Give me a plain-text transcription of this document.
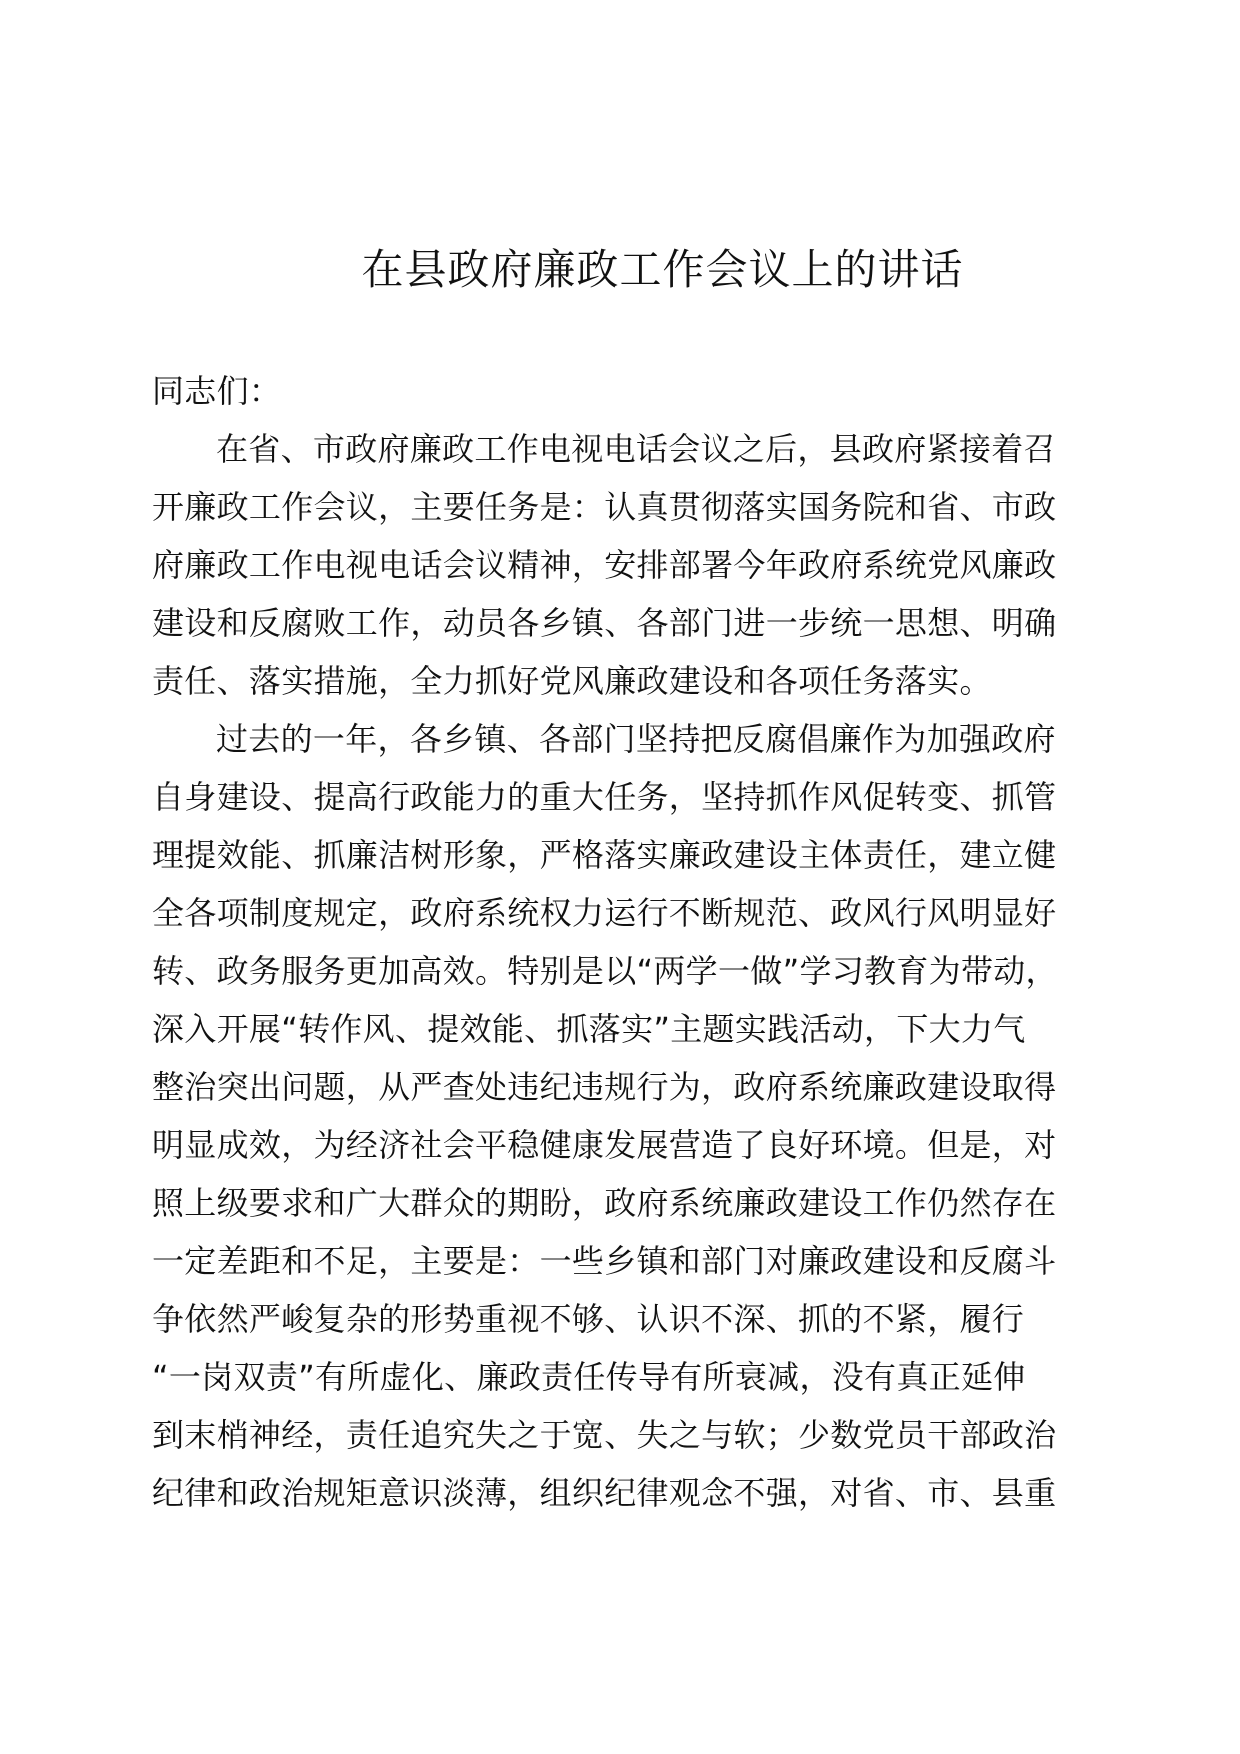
在县政府廉政工作会议上的讲话
同志们：
在省、市政府廉政工作电视电话会议之后，县政府紧接着召
开廉政工作会议，主要任务是：认真贯彻落实国务院和省、市政
府廉政工作电视电话会议精神，安排部署今年政府系统党风廉政
建设和反腐败工作，动员各乡镇、各部门进一步统一思想、明确
责任、落实措施，全力抓好党风廉政建设和各项任务落实。
过去的一年，各乡镇、各部门坚持把反腐倡廉作为加强政府
自身建设、提高行政能力的重大任务，坚持抓作风促转变、抓管
理提效能、抓廉洁树形象，严格落实廉政建设主体责任，建立健
全各项制度规定，政府系统权力运行不断规范、政风行风明显好
转、政务服务更加高效。特别是以“两学一做”学习教育为带动，
深入开展“转作风、提效能、抓落实”主题实践活动，下大力气
整治突出问题，从严查处违纪违规行为，政府系统廉政建设取得
明显成效，为经济社会平稳健康发展营造了良好环境。但是，对
照上级要求和广大群众的期盼，政府系统廉政建设工作仍然存在
一定差距和不足，主要是：一些乡镇和部门对廉政建设和反腐斗
争依然严峻复杂的形势重视不够、认识不深、抓的不紧，履行
“一岗双责”有所虚化、廉政责任传导有所衰减，没有真正延伸
到末梢神经，责任追究失之于宽、失之与软；少数党员干部政治
纪律和政治规矩意识淡薄，组织纪律观念不强，对省、市、县重
